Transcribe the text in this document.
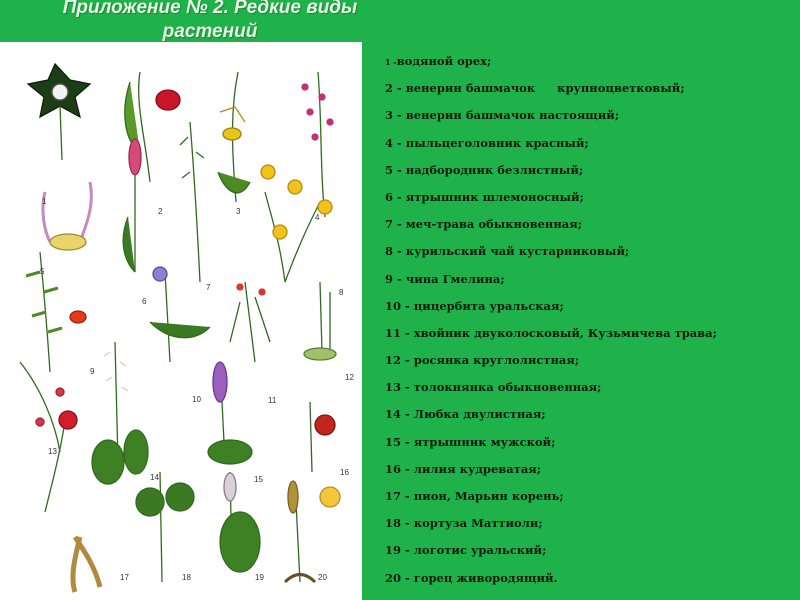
Приложение № 2. Редкие виды
растений
1
2	3
4
5
6
7
8
9
10	11
12
13
14	15
16
17	18	19	20
1 -водяной орех;
2 - венерин башмачок крупноцветковый;
3 - венерин башмачок настоящий;
4 - пыльцеголовник красный;
5 - надбородник безлистный;
6 - ятрышник шлемоносный;
7 - меч-трава обыкновенная;
8 - курильский чай кустарниковый;
9 - чина Гмелина;
10 - цицербита уральская;
11 - хвойник двуколосковый, Кузьмичева трава;
12 - росянка круглолистная;
13 - толокнянка обыкновенная;
14 - Любка двулистная;
15 - ятрышник мужской;
16 - лилия кудреватая;
17 - пион, Марьин корень;
18 - кортуза Маттиоли;
19 - логотис уральский;
20 - горец живородящий.
